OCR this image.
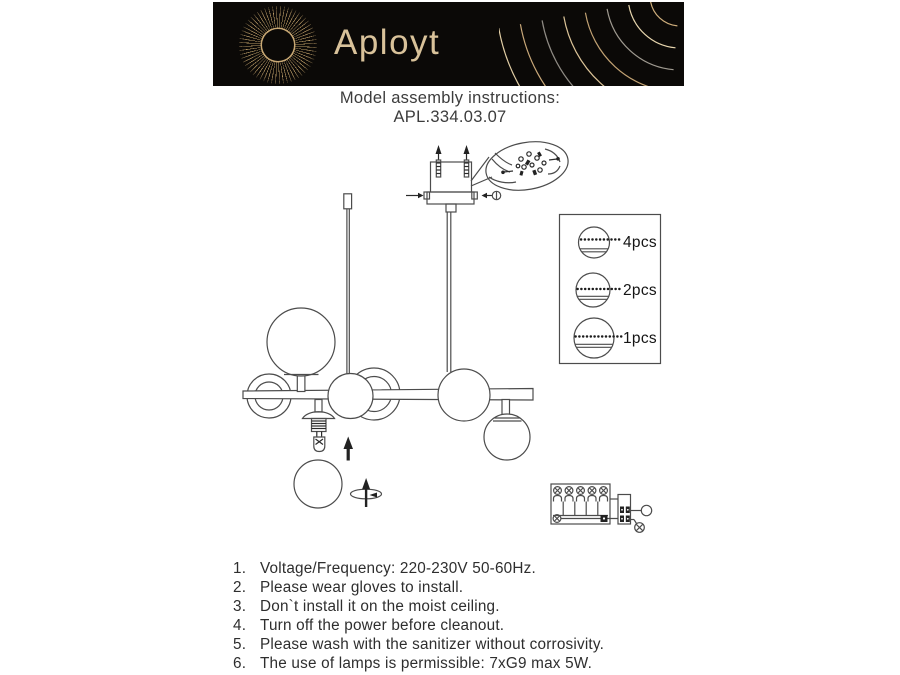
Aployt
Model assembly instructions:
APL.334.03.07
4pcs
2pcs
1pcs
1. Voltage/Frequency: 220-230V 50-60Hz.
2. Please wear gloves to install.
3. Don`t install it on the moist ceiling.
4. Turn off the power before cleanout.
5. Please wash with the sanitizer without corrosivity.
6. The use of lamps is permissible: 7xG9 max 5W.
